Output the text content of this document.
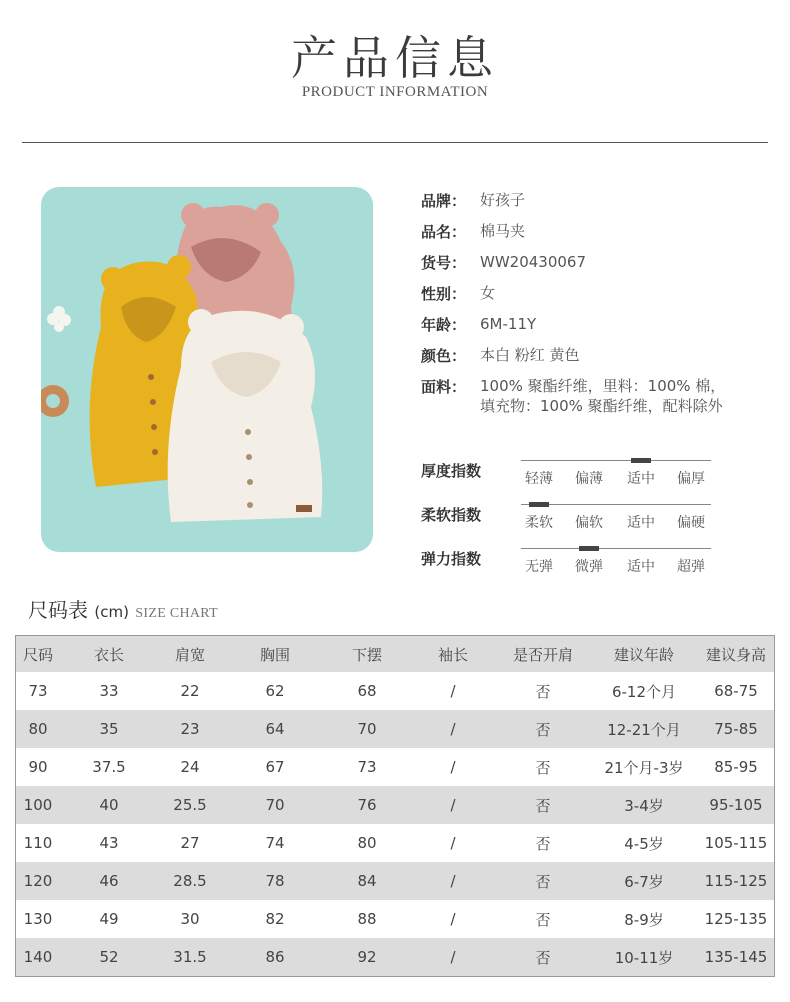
产品信息
PRODUCT INFORMATION
品牌： 好孩子
品名： 棉马夹
货号： WW20430067
性别： 女
年龄： 6M-11Y
颜色： 本白 粉红 黄色
面料： 100% 聚酯纤维，里料：100% 棉，
填充物：100% 聚酯纤维，配料除外
厚度指数	轻薄	偏薄	适中	偏厚
柔软指数	柔软	偏软	适中	偏硬
弹力指数	无弹	微弹	适中	超弹
尺码表 (cm) SIZE CHART
尺码	衣长	肩宽	胸围	下摆	袖长	是否开肩	建议年龄	建议身高
73	33	22	62	68	/	否	6-12个月	68-75
80	35	23	64	70	/	否	12-21个月	75-85
90	37.5	24	67	73	/	否	21个月-3岁	85-95
100	40	25.5	70	76	/	否	3-4岁	95-105
110	43	27	74	80	/	否	4-5岁	105-115
120	46	28.5	78	84	/	否	6-7岁	115-125
130	49	30	82	88	/	否	8-9岁	125-135
140	52	31.5	86	92	/	否	10-11岁	135-145
